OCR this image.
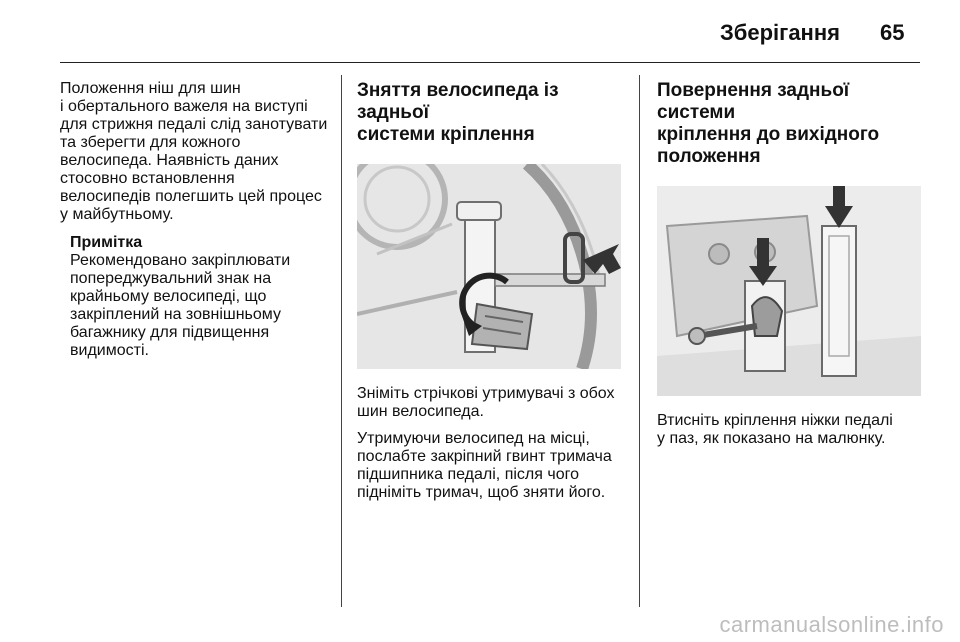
Зберігання 65

Положення ніш для шин
і обертального важеля на виступі
для стрижня педалі слід занотувати
та зберегти для кожного
велосипеда. Наявність даних
стосовно встановлення
велосипедів полегшить цей процес
у майбутньому.

Примітка

Рекомендовано закріплювати
попереджувальний знак на
крайньому велосипеді, що
закріплений на зовнішньому
багажнику для підвищення
видимості.

Зняття велосипеда із задньої
системи кріплення

Зніміть стрічкові утримувачі з обох
шин велосипеда.

Утримуючи велосипед на місці,
послабте закріпний гвинт тримача
підшипника педалі, після чого
підніміть тримач, щоб зняти його.

Повернення задньої системи
кріплення до вихідного
положення

Втисніть кріплення ніжки педалі
у паз, як показано на малюнку.

carmanualsonline.info
